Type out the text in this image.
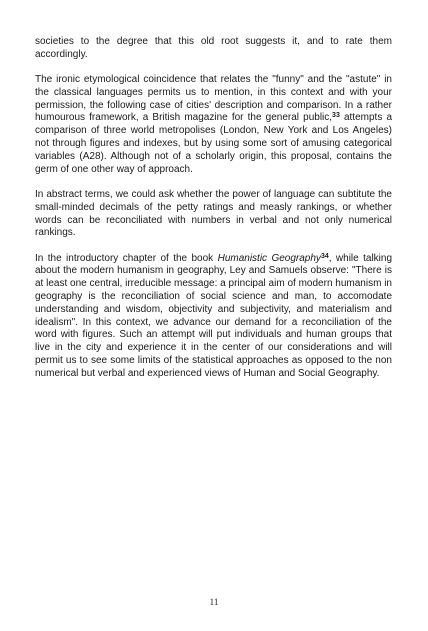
societies to the degree that this old root suggests it, and to rate them accordingly.

The ironic etymological coincidence that relates the "funny" and the "astute" in the classical languages permits us to mention, in this context and with your permission, the following case of cities' description and comparison. In a rather humourous framework, a British magazine for the general public,$^{33}$ attempts a comparison of three world metropolises (London, New York and Los Angeles) not through figures and indexes, but by using some sort of amusing categorical variables (A28). Although not of a scholarly origin, this proposal, contains the germ of one other way of approach.

In abstract terms, we could ask whether the power of language can subtitute the small-minded decimals of the petty ratings and measly rankings, or whether words can be reconciliated with numbers in verbal and not only numerical rankings.

In the introductory chapter of the book Humanistic Geography$^{34}$, while talking about the modern humanism in geography, Ley and Samuels observe: "There is at least one central, irreducible message: a principal aim of modern humanism in geography is the reconciliation of social science and man, to accomodate understanding and wisdom, objectivity and subjectivity, and materialism and idealism". In this context, we advance our demand for a reconciliation of the word with figures. Such an attempt will put individuals and human groups that live in the city and experience it in the center of our considerations and will permit us to see some limits of the statistical approaches as opposed to the non numerical but verbal and experienced views of Human and Social Geography.

11
